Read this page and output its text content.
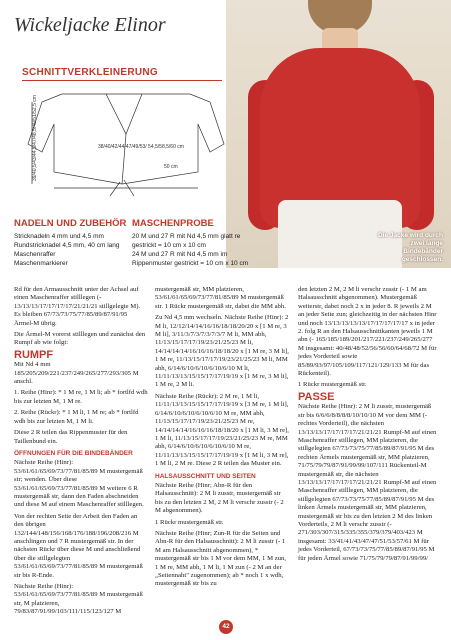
Wickeljacke Elinor
Die Jacke wird durch zwei lange Bindebänder geschlossen.
SCHNITTVERKLEINERUNG
39/40,5/43/44,5/47/48,5/49/51/52,5 cm	38/40/42/44/47/49/53/ 54,5/58,5/60 cm
50 cm
NADELN UND ZUBEHÖR
Stricknadeln 4 mm und 4,5 mm
Rundstricknadel 4,5 mm, 40 cm lang
Maschenraffer
Maschenmarkierer
MASCHENPROBE
20 M und 27 R mit Nd 4,5 mm glatt re
gestrickt = 10 cm x 10 cm
24 M und 27 R mit Nd 4,5 mm im
Rippenmuster gestrickt = 10 cm x 10 cm

Rd für den Armausschnitt unter der Achsel auf einen Maschenraffer stilllegen (- 13/13/13/17/17/17/17/21/21/21 stillgelegte M). Es bleiben 67/73/73/75/77/85/89/87/91/95 Ärmel-M übrig.

Die Ärmel-M vorerst stilllegen und zunächst den Rumpf ab wie folgt:

RUMPF

Mit Nd 4 mm 185/205/209/221/237/249/265/277/293/305 M anschl.

1. Reihe (Hinr): * 1 M re, 1 M li; ab * fortlfd wdh bis zur letzten M, 1 M re.

2. Reihe (Rückr): * 1 M li, 1 M re; ab * fortlfd wdh bis zur letzten M, 1 M li.

Diese 2 R teilen das Rippenmuster für den Taillenbund ein.

ÖFFNUNGEN FÜR DIE BINDEBÄNDER

Nächste Reihe (Hinr): 53/61/61/65/69/73/77/81/85/89 M mustergemäß str; wenden. Über diese 53/61/61/65/69/73/77/81/85/89 M weitere 6 R mustergemäß str, dann den Faden abschneiden und diese M auf einem Maschenraffer stilllegen.

Von der rechten Seite der Arbeit den Faden an den übrigen 132/144/148/156/168/176/188/196/208/216 M anschlingen und 7 R mustergemäß str. In der nächsten Rückr über diese M und anschließend über die stillgelegten 53/61/61/65/69/73/77/81/85/89 M mustergemäß str bis R-Ende.

Nächste Reihe (Hinr): 53/61/61/65/69/73/77/81/85/89 M mustergemäß str, M platzieren, 79/83/87/91/99/103/111/115/123/127 M

mustergemäß str, MM platzieren, 53/61/61/65/69/73/77/81/85/89 M mustergemäß str. 1 Rückr mustergemäß str, dabei die MM abh.

Zu Nd 4,5 mm wechseln. Nächste Reihe (Hinr): 2 M li, 12/12/14/14/16/16/18/18/20/20 x [1 M re, 3 M li], 3/11/3/7/3/7/3/7/3/7 M li, MM abh, 11/13/15/17/17/19/23/21/25/23 M li, 14/14/14/14/16/16/16/18/18/20 x [1 M re, 3 M li], 1 M re, 11/13/15/17/17/19/23/21/25/23 M li, MM abh, 6/14/6/10/6/10/6/10/6/10 M li, 11/11/13/13/15/15/17/17/19/19 x [1 M re, 3 M li], 1 M re, 2 M li.

Nächste Reihe (Rückr): 2 M re, 1 M li, 11/11/13/13/15/15/17/17/19/19 x [3 M re, 1 M li], 6/14/6/10/6/10/6/10/6/10 M re, MM abh, 11/13/15/17/17/19/23/21/25/23 M re, 14/14/14/14/16/16/16/18/18/20 x [1 M li, 3 M re], 1 M li, 11/13/15/17/17/19/23/21/25/23 M re, MM abh, 6/14/6/10/6/10/6/10/6/10 M re, 11/11/13/13/15/15/17/17/19/19 x [1 M li, 3 M re], 1 M li, 2 M re. Diese 2 R teilen das Muster ein.

HALSAUSSCHNITT UND SEITEN

Nächste Reihe (Hinr; Abn-R für den Halsausschnitt): 2 M li zusstr, mustergemäß str bis zu den letzten 2 M, 2 M li verschr zusstr (- 2 M abgenommen).

1 Rückr mustergemäß str.

Nächste Reihe (Hinr; Zun-R für die Seiten und Abn-R für den Halsausschnitt): 2 M li zusstr (- 1 M am Halsausschnitt abgenommen), * mustergemäß str bis 1 M vor dem MM, 1 M zun, 1 M re, MM abh, 1 M li, 1 M zun (- 2 M an der „Seitennaht" zugenommen); ab * noch 1 x wdh, mustergemäß str bis zu

den letzten 2 M, 2 M li verschr zusstr (- 1 M am Halsausschnitt abgenommen). Mustergemäß weiterstr, dabei noch 2 x in jeder 8. R jeweils 2 M an jeder Seite zun; gleichzeitig in der nächsten Hinr und noch 13/13/13/13/13/17/17/17/17/17 x in jeder 2. folg R an den Halsausschnittkanten jeweils 1 M abn (- 165/185/189/201/217/221/237/249/265/277 M insgesamt: 40/48/48/52/56/56/60/64/68/72 M für jedes Vorderteil sowie 85/89/93/97/105/109/117/121/129/133 M für das Rückenteil).

1 Rückr mustergemäß str.

PASSE

Nächste Reihe (Hinr): 2 M li zusstr, mustergemäß str bis 6/6/6/8/8/8/8/10/10/10 M vor dem MM (- rechtes Vorderteil), die nächsten 13/13/13/17/17/17/17/21/21/21 Rumpf-M auf einen Maschenraffer stilllegen, MM platzieren, die stillgelegten 67/73/73/75/77/85/89/87/91/95 M des rechten Ärmels mustergemäß str, MM platzieren, 71/75/79/79/87/91/99/99/107/111 Rückenteil-M mustergemäß str, die nächsten 13/13/13/17/17/17/17/21/21/21 Rumpf-M auf einen Maschenraffer stilllegen, MM platzieren, die stillgelegten 67/73/73/75/77/85/89/87/91/95 M des linken Ärmels mustergemäß str, MM platzieren, mustergemäß str bis zu den letzten 2 M des linken Vorderteils, 2 M li verschr zusstr (- 271/303/307/315/335/355/379/379/403/423 M insgesamt: 33/41/41/43/47/47/51/53/57/61 M für jedes Vorderteil, 67/73/73/75/77/85/89/87/91/95 M für jeden Ärmel sowie 71/75/79/79/87/91/99/99/

42
